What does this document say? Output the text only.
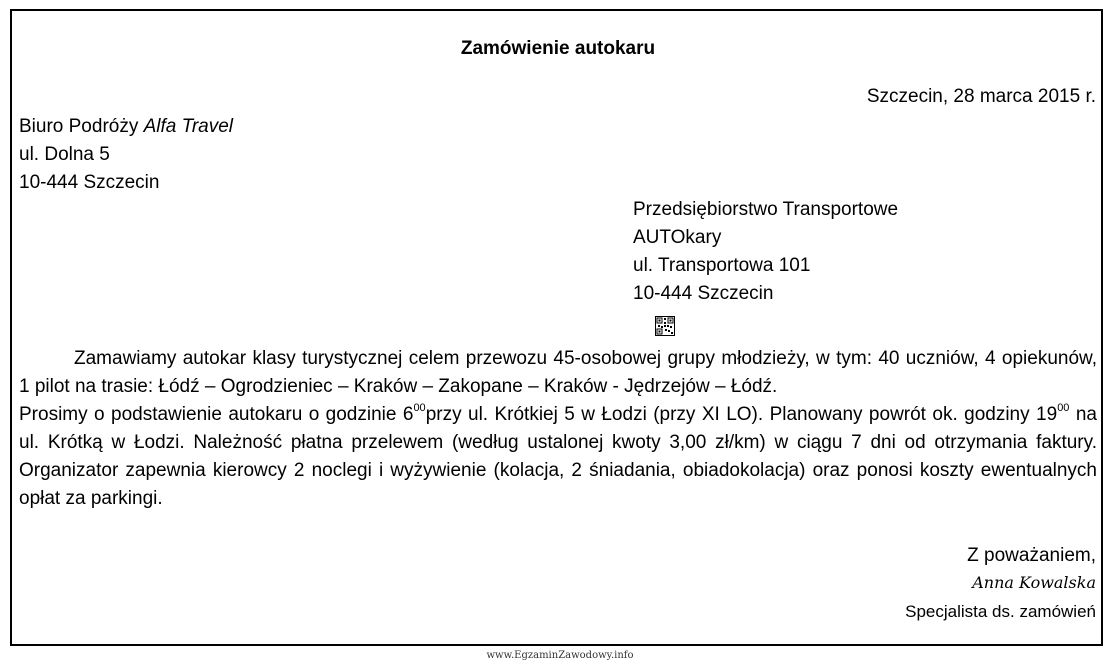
Zamówienie autokaru
Szczecin, 28 marca 2015 r.
Biuro Podróży Alfa Travel
ul. Dolna 5
10-444 Szczecin
Przedsiębiorstwo Transportowe
AUTOkary
ul. Transportowa 101
10-444 Szczecin

Zamawiamy autokar klasy turystycznej celem przewozu 45-osobowej grupy młodzieży, w tym: 40 uczniów, 4 opiekunów, 1 pilot na trasie: Łódź – Ogrodzieniec – Kraków – Zakopane – Kraków - Jędrzejów – Łódź.

Prosimy o podstawienie autokaru o godzinie $6^{00}przy$ ul. Krótkiej 5 w Łodzi (przy XI LO). Planowany powrót ok. godziny $19^{00}$ na ul. Krótką w Łodzi. Należność płatna przelewem (według ustalonej kwoty 3,00 zł/km) w ciągu 7 dni od otrzymania faktury. Organizator zapewnia kierowcy 2 noclegi i wyżywienie (kolacja, 2 śniadania, obiadokolacja) oraz ponosi koszty ewentualnych opłat za parkingi.

Z poważaniem,
Anna Kowalska
Specjalista ds. zamówień
www.EgzaminZawodowy.info
